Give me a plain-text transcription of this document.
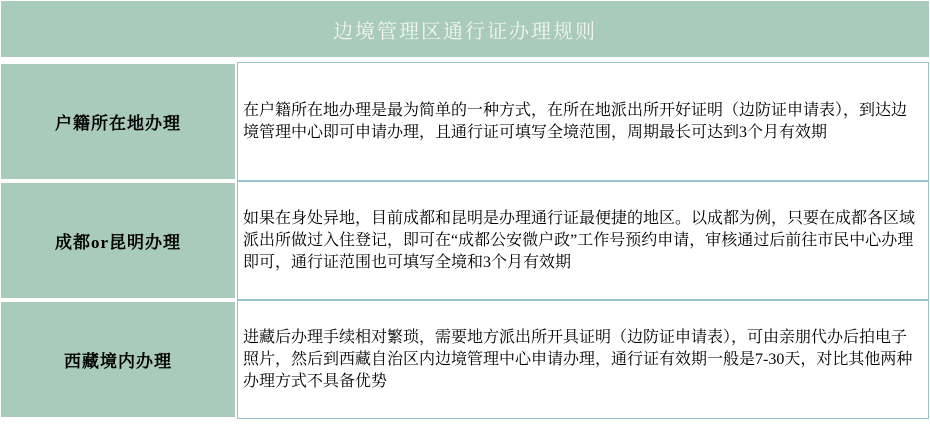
边境管理区通行证办理规则
户籍所在地办理

在户籍所在地办理是最为简单的一种方式，在所在地派出所开好证明（边防证申请表），到达边境管理中心即可申请办理，且通行证可填写全境范围，周期最长可达到3个月有效期

成都or昆明办理

如果在身处异地，目前成都和昆明是办理通行证最便捷的地区。以成都为例，只要在成都各区域派出所做过入住登记，即可在“成都公安微户政”工作号预约申请，审核通过后前往市民中心办理即可，通行证范围也可填写全境和3个月有效期

西藏境内办理

进藏后办理手续相对繁琐，需要地方派出所开具证明（边防证申请表），可由亲朋代办后拍电子照片，然后到西藏自治区内边境管理中心申请办理，通行证有效期一般是7-30天，对比其他两种办理方式不具备优势
